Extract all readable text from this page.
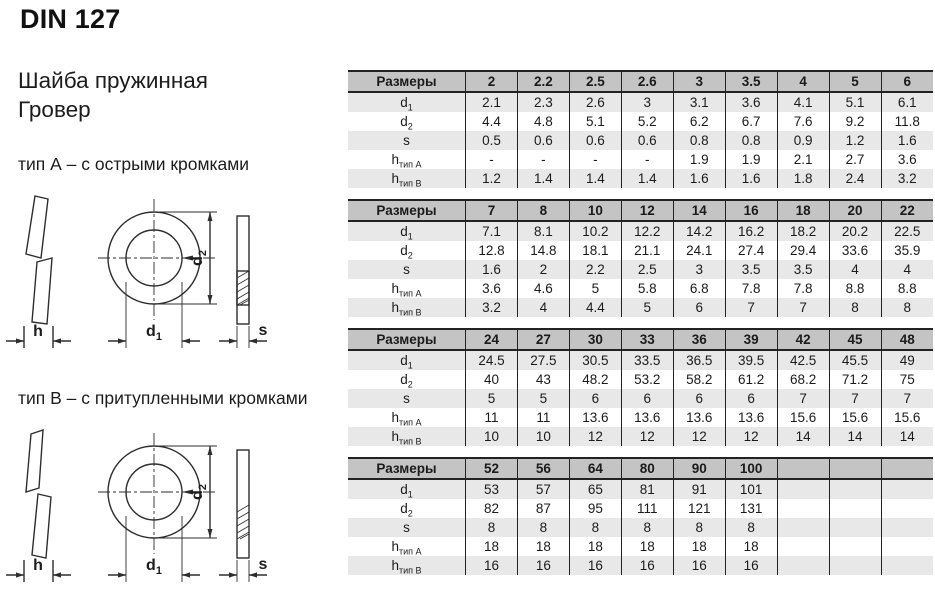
DIN 127
Шайба пружинная
Гровер
тип А – с острыми кромками
h
$d_2$
$d_1$	s
тип В – с притупленными кромками
h
$d_2$
$d_1$	s
Размеры	2	2.2	2.5	2.6	3	3.5	4	5	6
$d_1$	2.1	2.3	2.6	3	3.1	3.6	4.1	5.1	6.1
$d_2$	4.4	4.8	5.1	5.2	6.2	6.7	7.6	9.2	11.8
s	0.5	0.6	0.6	0.6	0.8	0.8	0.9	1.2	1.6
$h_{тип А}$	-	-	-	-	1.9	1.9	2.1	2.7	3.6
$h_{тип В}$	1.2	1.4	1.4	1.4	1.6	1.6	1.8	2.4	3.2
Размеры	7	8	10	12	14	16	18	20	22
$d_1$	7.1	8.1	10.2	12.2	14.2	16.2	18.2	20.2	22.5
$d_2$	12.8	14.8	18.1	21.1	24.1	27.4	29.4	33.6	35.9
s	1.6	2	2.2	2.5	3	3.5	3.5	4	4
$h_{тип А}$	3.6	4.6	5	5.8	6.8	7.8	7.8	8.8	8.8
$h_{тип В}$	3.2	4	4.4	5	6	7	7	8	8
Размеры	24	27	30	33	36	39	42	45	48
$d_1$	24.5	27.5	30.5	33.5	36.5	39.5	42.5	45.5	49
$d_2$	40	43	48.2	53.2	58.2	61.2	68.2	71.2	75
s	5	5	6	6	6	6	7	7	7
$h_{тип А}$	11	11	13.6	13.6	13.6	13.6	15.6	15.6	15.6
$h_{тип В}$	10	10	12	12	12	12	14	14	14
Размеры	52	56	64	80	90	100			
$d_1$	53	57	65	81	91	101			
$d_2$	82	87	95	111	121	131			
s	8	8	8	8	8	8			
$h_{тип А}$	18	18	18	18	18	18			
$h_{тип В}$	16	16	16	16	16	16			
